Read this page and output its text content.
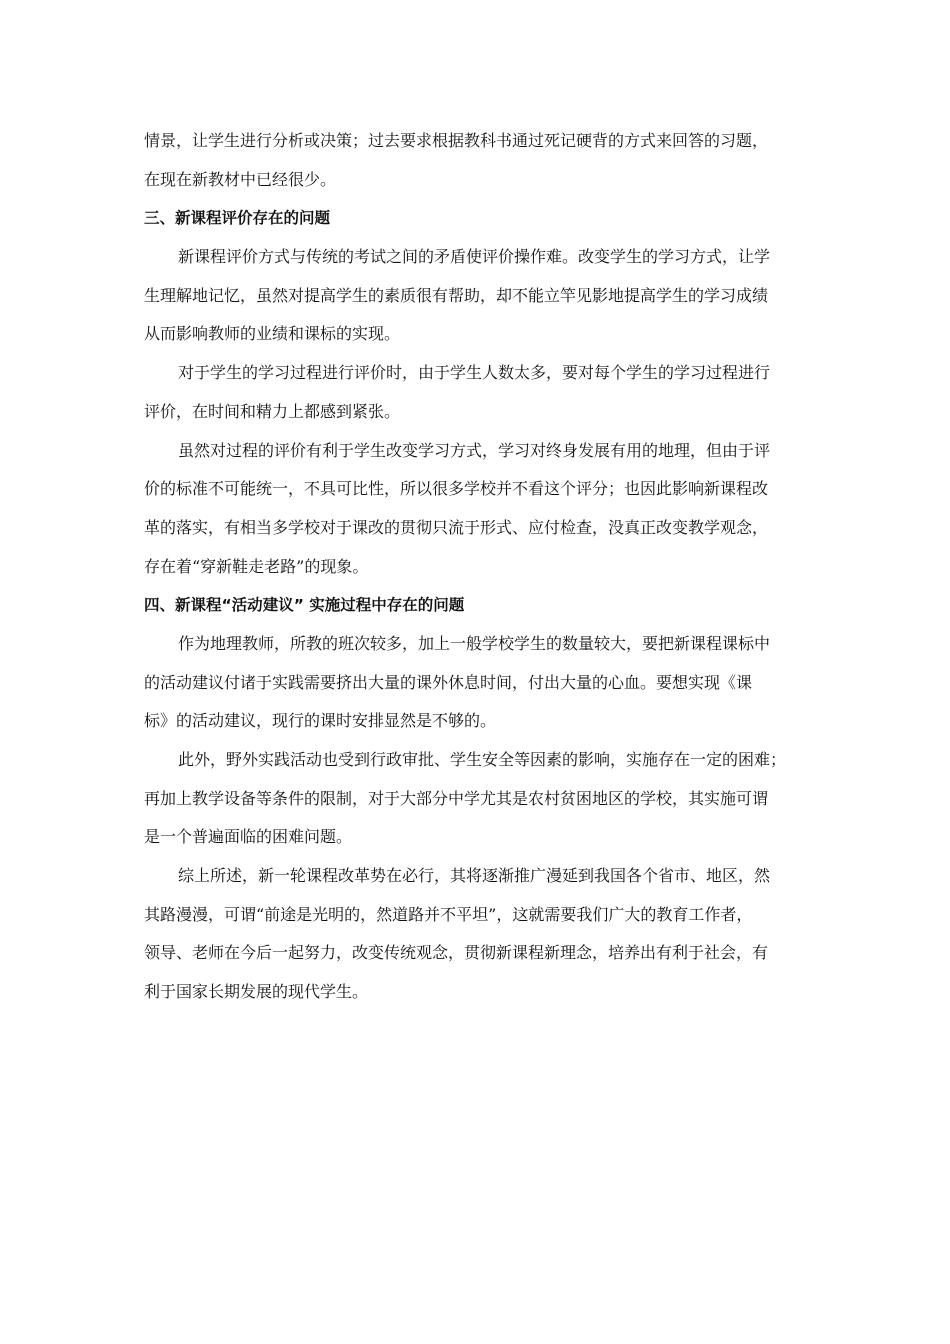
情景，让学生进行分析或决策；过去要求根据教科书通过死记硬背的方式来回答的习题，
在现在新教材中已经很少。
三、新课程评价存在的问题
新课程评价方式与传统的考试之间的矛盾使评价操作难。改变学生的学习方式，让学
生理解地记忆，虽然对提高学生的素质很有帮助，却不能立竿见影地提高学生的学习成绩
从而影响教师的业绩和课标的实现。
对于学生的学习过程进行评价时，由于学生人数太多，要对每个学生的学习过程进行
评价，在时间和精力上都感到紧张。
虽然对过程的评价有利于学生改变学习方式，学习对终身发展有用的地理，但由于评
价的标准不可能统一，不具可比性，所以很多学校并不看这个评分；也因此影响新课程改
革的落实，有相当多学校对于课改的贯彻只流于形式、应付检查，没真正改变教学观念，
存在着“穿新鞋走老路”的现象。
四、新课程“活动建议” 实施过程中存在的问题
作为地理教师，所教的班次较多，加上一般学校学生的数量较大，要把新课程课标中
的活动建议付诸于实践需要挤出大量的课外休息时间，付出大量的心血。要想实现《课
标》的活动建议，现行的课时安排显然是不够的。
此外，野外实践活动也受到行政审批、学生安全等因素的影响，实施存在一定的困难；
再加上教学设备等条件的限制，对于大部分中学尤其是农村贫困地区的学校，其实施可谓
是一个普遍面临的困难问题。
综上所述，新一轮课程改革势在必行，其将逐渐推广漫延到我国各个省市、地区，然
其路漫漫，可谓“前途是光明的，然道路并不平坦”，这就需要我们广大的教育工作者，
领导、老师在今后一起努力，改变传统观念，贯彻新课程新理念，培养出有利于社会，有
利于国家长期发展的现代学生。
